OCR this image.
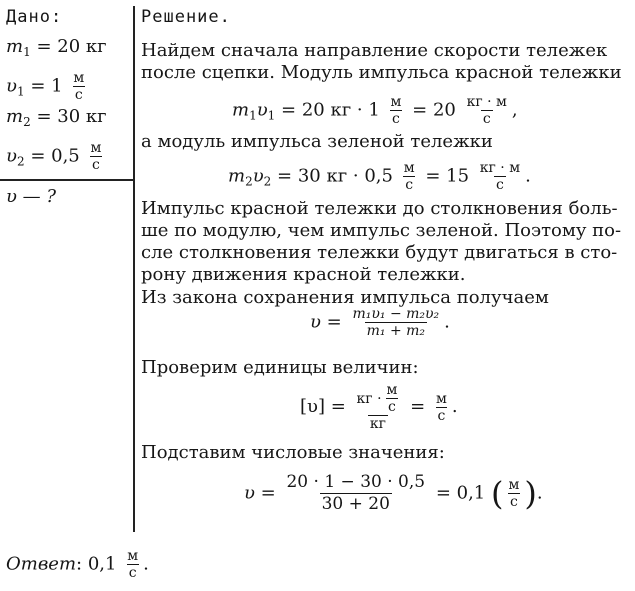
Дано:
$m_1 = 20$ кг
$\upsilon_1 = 1 \frac{м}{с}$
$m_2 = 30$ кг
$\upsilon_2 = 0,5 \frac{м}{с}$
υ — ?
Решение.
Найдем сначала направление скорости тележек
после сцепки. Модуль импульса красной тележки
$m_1\upsilon_1 = 20$ кг · $1 \frac{м}{с} = 20 \frac{кг \cdot м}{с}$ ,
а модуль импульса зеленой тележки
$m_2\upsilon_2 = 30$ кг · $0,5 \frac{м}{с} = 15 \frac{кг \cdot м}{с}$ .
Импульс красной тележки до столкновения боль-
ше по модулю, чем импульс зеленой. Поэтому по-
сле столкновения тележки будут двигаться в сто-
рону движения красной тележки.
Из закона сохранения импульса получаем
$\upsilon = \frac{\text{m₁υ₁ − m₂υ₂}}{\text{m₁ + m₂}}$ .
Проверим единицы величин:
$[\upsilon] = \frac{кг \cdot \frac{м}{с}}{кг} = \frac{м}{с}$ .
Подставим числовые значения:
$\upsilon = \frac{20 \cdot 1 - 30 \cdot 0,5}{30 + 20} = 0,1$ ( $\frac{м}{с}$ ).
Ответ: $0,1 \frac{м}{с}$ .
